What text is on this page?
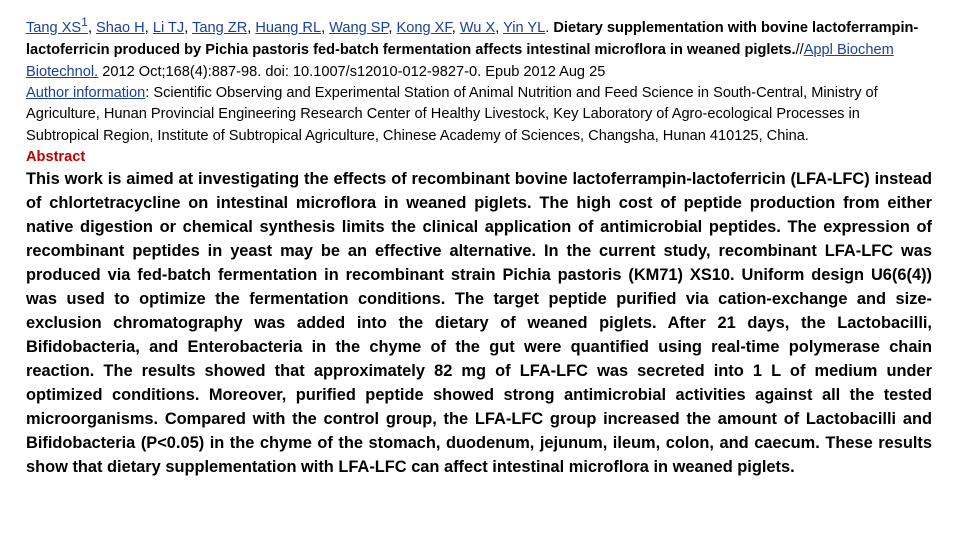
Tang XS$^1$, Shao H, Li TJ, Tang ZR, Huang RL, Wang SP, Kong XF, Wu X, Yin YL. Dietary supplementation with bovine lactoferrampin-lactoferricin produced by Pichia pastoris fed-batch fermentation affects intestinal microflora in weaned piglets.//Appl Biochem Biotechnol. 2012 Oct;168(4):887-98. doi: 10.1007/s12010-012-9827-0. Epub 2012 Aug 25

Author information: Scientific Observing and Experimental Station of Animal Nutrition and Feed Science in South-Central, Ministry of Agriculture, Hunan Provincial Engineering Research Center of Healthy Livestock, Key Laboratory of Agro-ecological Processes in Subtropical Region, Institute of Subtropical Agriculture, Chinese Academy of Sciences, Changsha, Hunan 410125, China.

Abstract

This work is aimed at investigating the effects of recombinant bovine lactoferrampin-lactoferricin (LFA-LFC) instead of chlortetracycline on intestinal microflora in weaned piglets. The high cost of peptide production from either native digestion or chemical synthesis limits the clinical application of antimicrobial peptides. The expression of recombinant peptides in yeast may be an effective alternative. In the current study, recombinant LFA-LFC was produced via fed-batch fermentation in recombinant strain Pichia pastoris (KM71) XS10. Uniform design U6(6(4)) was used to optimize the fermentation conditions. The target peptide purified via cation-exchange and size-exclusion chromatography was added into the dietary of weaned piglets. After 21 days, the Lactobacilli, Bifidobacteria, and Enterobacteria in the chyme of the gut were quantified using real-time polymerase chain reaction. The results showed that approximately 82 mg of LFA-LFC was secreted into 1 L of medium under optimized conditions. Moreover, purified peptide showed strong antimicrobial activities against all the tested microorganisms. Compared with the control group, the LFA-LFC group increased the amount of Lactobacilli and Bifidobacteria (P<0.05) in the chyme of the stomach, duodenum, jejunum, ileum, colon, and caecum. These results show that dietary supplementation with LFA-LFC can affect intestinal microflora in weaned piglets.
